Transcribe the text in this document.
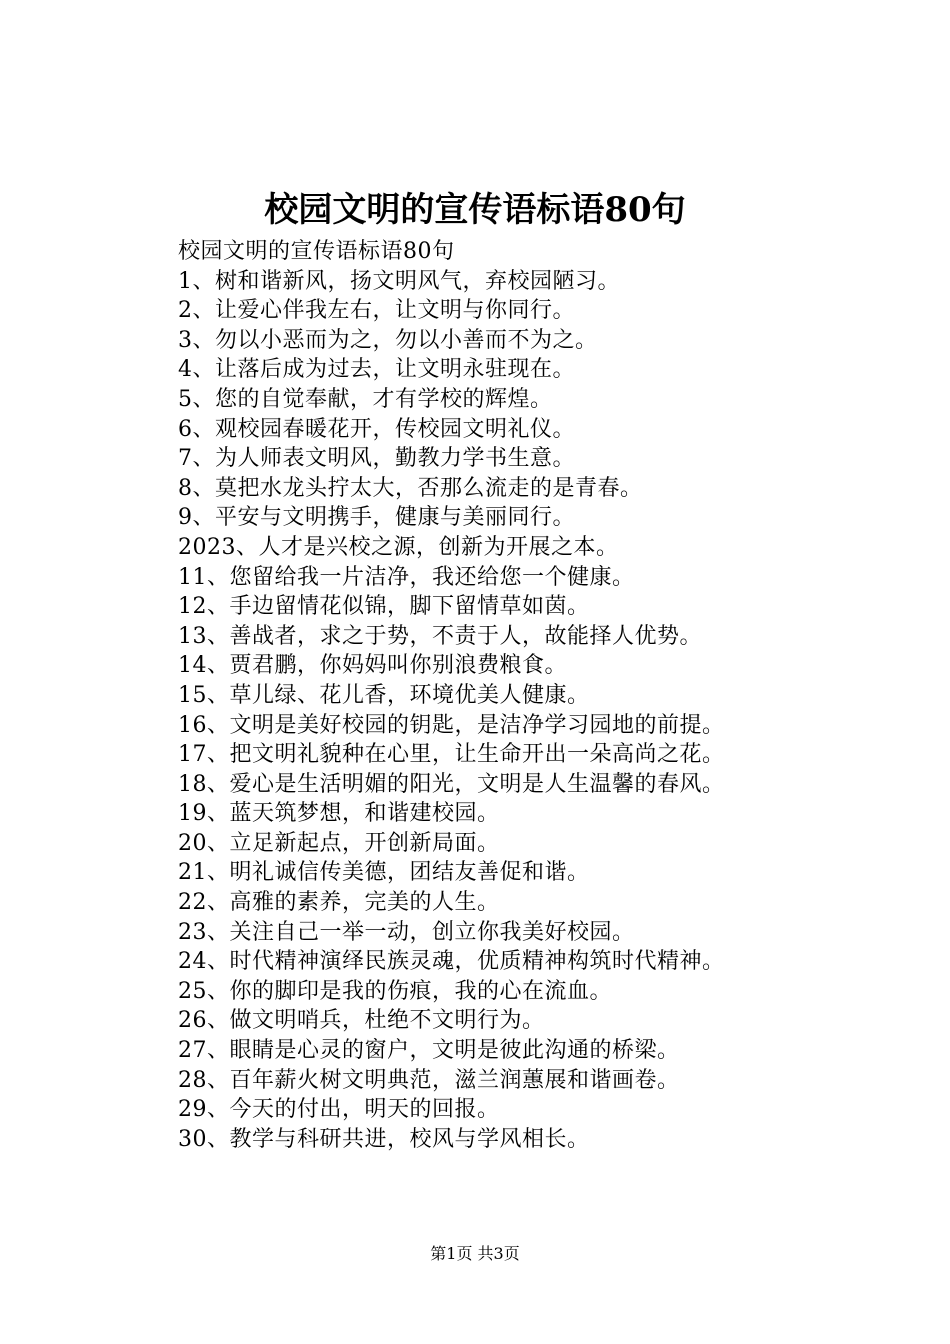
校园文明的宣传语标语80句
校园文明的宣传语标语80句
1、树和谐新风，扬文明风气，弃校园陋习。
2、让爱心伴我左右，让文明与你同行。
3、勿以小恶而为之，勿以小善而不为之。
4、让落后成为过去，让文明永驻现在。
5、您的自觉奉献，才有学校的辉煌。
6、观校园春暖花开，传校园文明礼仪。
7、为人师表文明风，勤教力学书生意。
8、莫把水龙头拧太大，否那么流走的是青春。
9、平安与文明携手，健康与美丽同行。
2023、人才是兴校之源，创新为开展之本。
11、您留给我一片洁净，我还给您一个健康。
12、手边留情花似锦，脚下留情草如茵。
13、善战者，求之于势，不责于人，故能择人优势。
14、贾君鹏，你妈妈叫你别浪费粮食。
15、草儿绿、花儿香，环境优美人健康。
16、文明是美好校园的钥匙，是洁净学习园地的前提。
17、把文明礼貌种在心里，让生命开出一朵高尚之花。
18、爱心是生活明媚的阳光，文明是人生温馨的春风。
19、蓝天筑梦想，和谐建校园。
20、立足新起点，开创新局面。
21、明礼诚信传美德，团结友善促和谐。
22、高雅的素养，完美的人生。
23、关注自己一举一动，创立你我美好校园。
24、时代精神演绎民族灵魂，优质精神构筑时代精神。
25、你的脚印是我的伤痕，我的心在流血。
26、做文明哨兵，杜绝不文明行为。
27、眼睛是心灵的窗户，文明是彼此沟通的桥梁。
28、百年薪火树文明典范，滋兰润蕙展和谐画卷。
29、今天的付出，明天的回报。
30、教学与科研共进，校风与学风相长。
第1页 共3页
